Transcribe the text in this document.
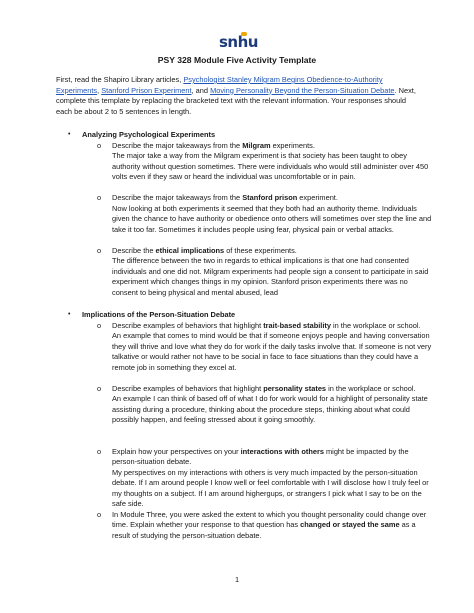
snhu
PSY 328 Module Five Activity Template
First, read the Shapiro Library articles, Psychologist Stanley Milgram Begins Obedience-to-Authority Experiments, Stanford Prison Experiment, and Moving Personality Beyond the Person-Situation Debate. Next, complete this template by replacing the bracketed text with the relevant information. Your responses should each be about 2 to 5 sentences in length.
• Analyzing Psychological Experiments
o Describe the major takeaways from the Milgram experiments.
The major take a way from the Milgram experiment is that society has been taught to obey authority without question sometimes. There were individuals who would still administer over 450 volts even if they saw or heard the individual was uncomfortable or in pain.
o Describe the major takeaways from the Stanford prison experiment.
Now looking at both experiments it seemed that they both had an authority theme. Individuals given the chance to have authority or obedience onto others will sometimes over step the line and take it too far. Sometimes it includes people using fear, physical pain or verbal attacks.
o Describe the ethical implications of these experiments.
The difference between the two in regards to ethical implications is that one had consented individuals and one did not. Milgram experiments had people sign a consent to participate in said experiment which changes things in my opinion. Stanford prison experiments there was no consent to being physical and mental abused, lead
• Implications of the Person-Situation Debate
o Describe examples of behaviors that highlight trait-based stability in the workplace or school.
An example that comes to mind would be that if someone enjoys people and having conversation they will thrive and love what they do for work if the daily tasks involve that. If someone is not very talkative or would rather not have to be social in face to face situations than they could have a remote job in something they excel at.
o Describe examples of behaviors that highlight personality states in the workplace or school.
An example I can think of based off of what I do for work would for a highlight of personality state assisting during a procedure, thinking about the procedure steps, thinking about what could possibly happen, and feeling stressed about it going smoothly.
o Explain how your perspectives on your interactions with others might be impacted by the person-situation debate.
My perspectives on my interactions with others is very much impacted by the person-situation debate. If I am around people I know well or feel comfortable with I will disclose how I truly feel or my thoughts on a subject. If I am around highergups, or strangers I pick what I say to be on the safe side.
o In Module Three, you were asked the extent to which you thought personality could change over time. Explain whether your response to that question has changed or stayed the same as a result of studying the person-situation debate.
1
